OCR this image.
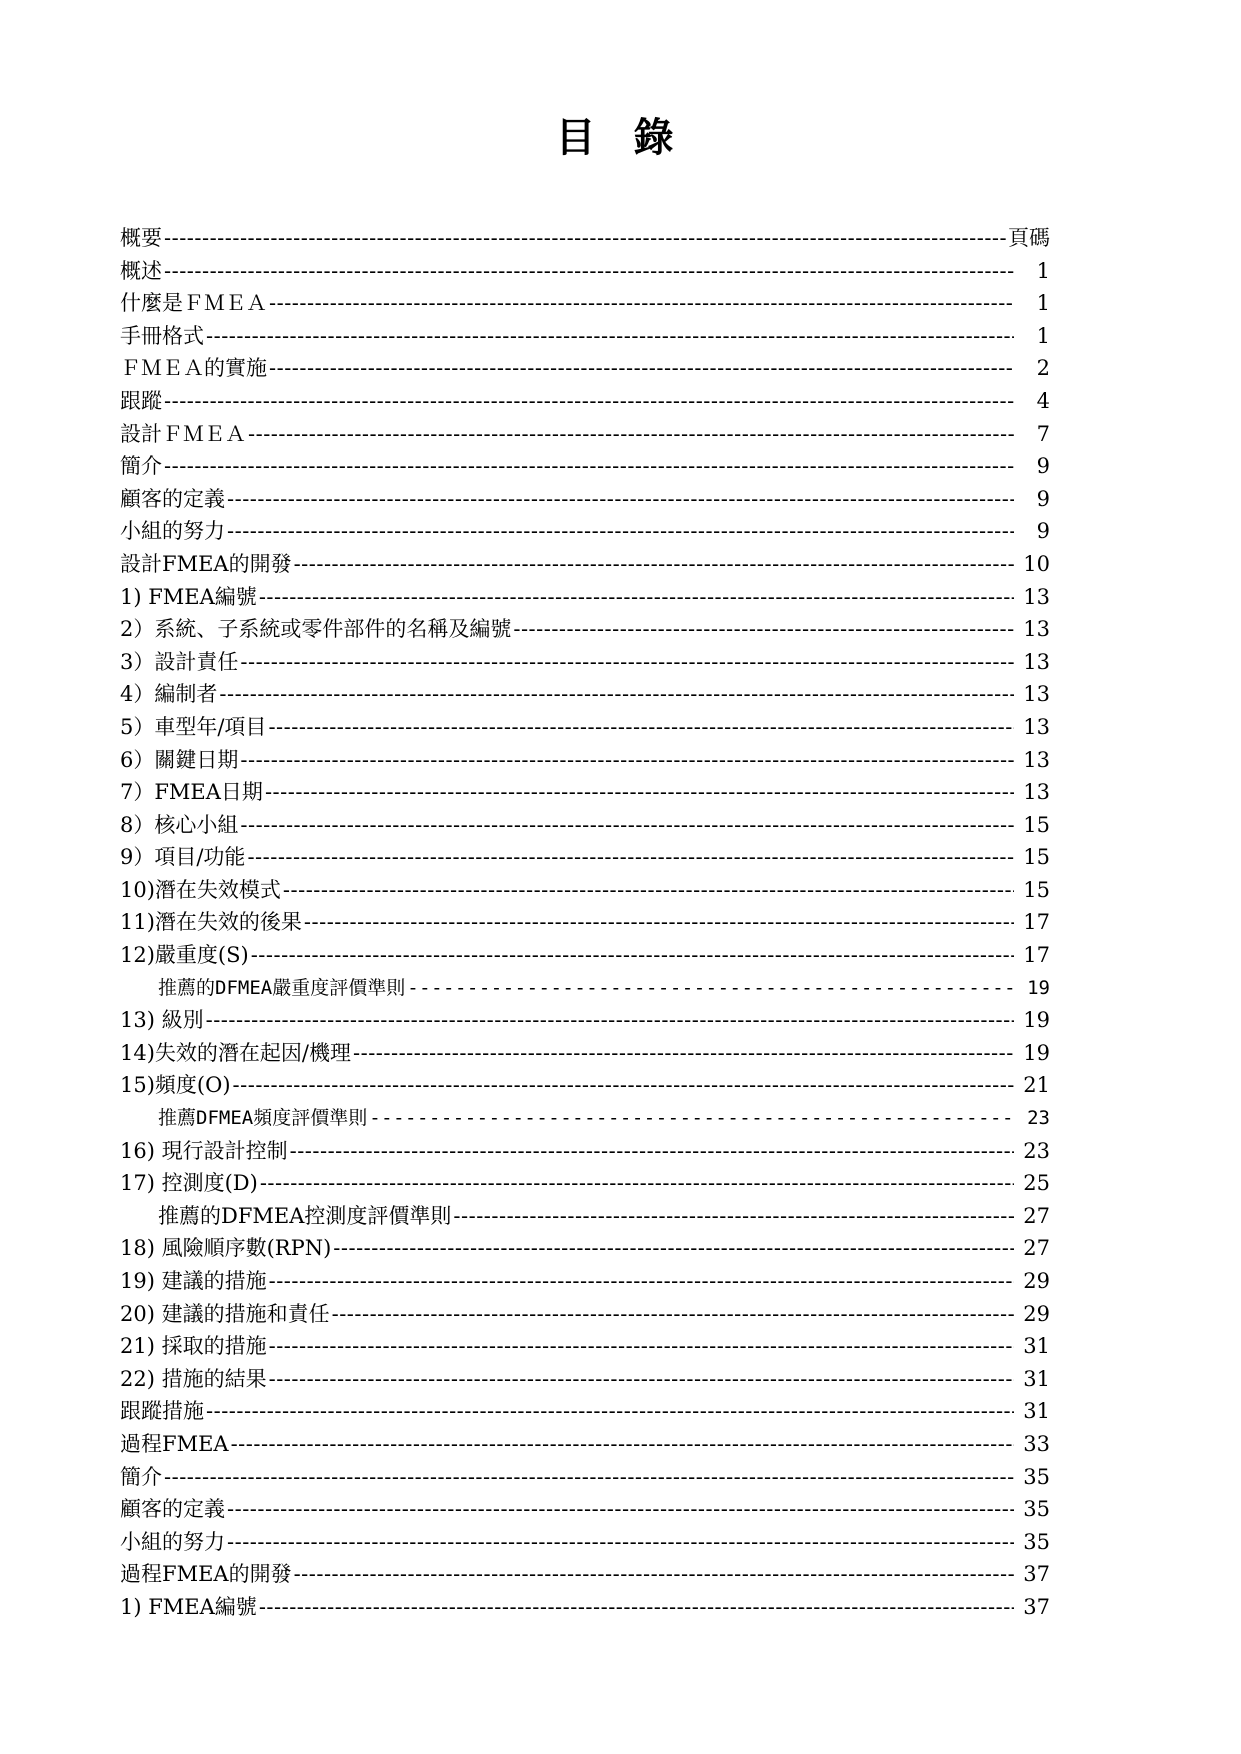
目 錄
概要 -----	頁碼
概述 -----	1
什麼是ＦＭＥＡ -----	1
手冊格式 -----	1
ＦＭＥＡ的實施 -----	2
跟蹤 -----	4
設計ＦＭＥＡ -----	7
簡介 -----	9
顧客的定義 -----	9
小組的努力 -----	9
設計FMEA的開發 -----	10
1) FMEA編號 -----	13
2）系統、子系統或零件部件的名稱及編號 -----	13
3）設計責任 -----	13
4）編制者 -----	13
5）車型年/項目 -----	13
6）關鍵日期 -----	13
7）FMEA日期 -----	13
8）核心小組 -----	15
9）項目/功能 -----	15
10)潛在失效模式 -----	15
11)潛在失效的後果 -----	17
12)嚴重度(S) -----	17
推薦的DFMEA嚴重度評價準則 -----	19
13) 級別 -----	19
14)失效的潛在起因/機理 -----	19
15)頻度(O) -----	21
推薦DFMEA頻度評價準則 -----	23
16) 現行設計控制 -----	23
17) 控測度(D) -----	25
推薦的DFMEA控測度評價準則 -----	27
18) 風險順序數(RPN) -----	27
19) 建議的措施 -----	29
20) 建議的措施和責任 -----	29
21) 採取的措施 -----	31
22) 措施的結果 -----	31
跟蹤措施 -----	31
過程FMEA -----	33
簡介 -----	35
顧客的定義 -----	35
小組的努力 -----	35
過程FMEA的開發 -----	37
1) FMEA編號 -----	37
